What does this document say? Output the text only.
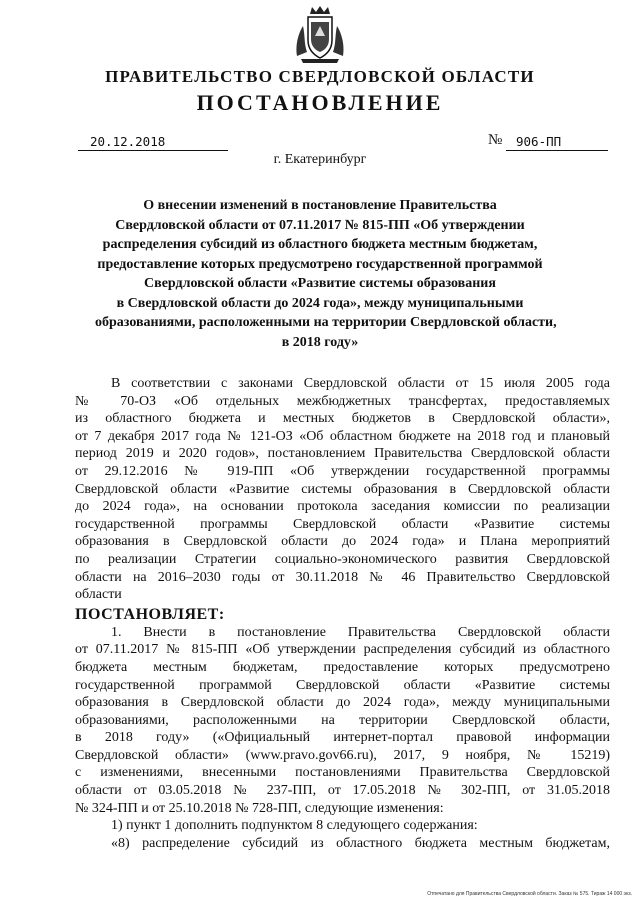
ПРАВИТЕЛЬСТВО СВЕРДЛОВСКОЙ ОБЛАСТИ
ПОСТАНОВЛЕНИЕ
20.12.2018	№	906-ПП
г. Екатеринбург
О внесении изменений в постановление Правительства
Свердловской области от 07.11.2017 № 815-ПП «Об утверждении
распределения субсидий из областного бюджета местным бюджетам,
предоставление которых предусмотрено государственной программой
Свердловской области «Развитие системы образования
в Свердловской области до 2024 года», между муниципальными
образованиями, расположенными на территории Свердловской области,
в 2018 году»
В соответствии с законами Свердловской области от 15 июля 2005 года
№ 70-ОЗ «Об отдельных межбюджетных трансфертах, предоставляемых
из областного бюджета и местных бюджетов в Свердловской области»,
от 7 декабря 2017 года № 121-ОЗ «Об областном бюджете на 2018 год и плановый
период 2019 и 2020 годов», постановлением Правительства Свердловской области
от 29.12.2016 № 919-ПП «Об утверждении государственной программы
Свердловской области «Развитие системы образования в Свердловской области
до 2024 года», на основании протокола заседания комиссии по реализации
государственной программы Свердловской области «Развитие системы
образования в Свердловской области до 2024 года» и Плана мероприятий
по реализации Стратегии социально-экономического развития Свердловской
области на 2016–2030 годы от 30.11.2018 № 46 Правительство Свердловской
области
ПОСТАНОВЛЯЕТ:
1. Внести в постановление Правительства Свердловской области
от 07.11.2017 № 815-ПП «Об утверждении распределения субсидий из областного
бюджета местным бюджетам, предоставление которых предусмотрено
государственной программой Свердловской области «Развитие системы
образования в Свердловской области до 2024 года», между муниципальными
образованиями, расположенными на территории Свердловской области,
в 2018 году» («Официальный интернет-портал правовой информации
Свердловской области» (www.pravo.gov66.ru), 2017, 9 ноября, № 15219)
с изменениями, внесенными постановлениями Правительства Свердловской
области от 03.05.2018 № 237-ПП, от 17.05.2018 № 302-ПП, от 31.05.2018
№ 324-ПП и от 25.10.2018 № 728-ПП, следующие изменения:
1) пункт 1 дополнить подпунктом 8 следующего содержания:
«8) распределение субсидий из областного бюджета местным бюджетам,
Отпечатано для Правительства Свердловской области. Заказ № 575. Тираж 14 000 экз.
